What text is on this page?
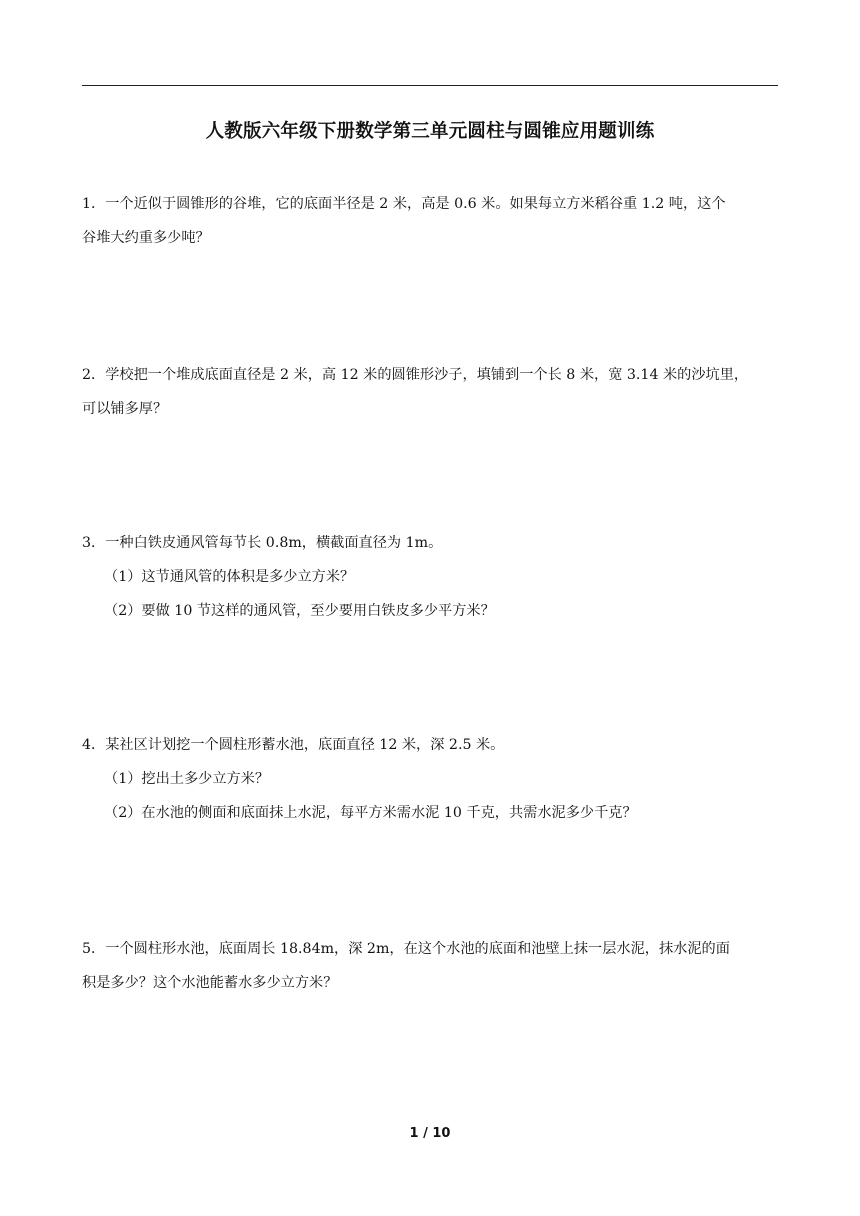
人教版六年级下册数学第三单元圆柱与圆锥应用题训练
1．一个近似于圆锥形的谷堆，它的底面半径是 2 米，高是 0.6 米。如果每立方米稻谷重 1.2 吨，这个
谷堆大约重多少吨？
2．学校把一个堆成底面直径是 2 米，高 12 米的圆锥形沙子，填铺到一个长 8 米，宽 3.14 米的沙坑里，
可以铺多厚？
3．一种白铁皮通风管每节长 0.8m，横截面直径为 1m。
（1）这节通风管的体积是多少立方米？
（2）要做 10 节这样的通风管，至少要用白铁皮多少平方米？
4．某社区计划挖一个圆柱形蓄水池，底面直径 12 米，深 2.5 米。
（1）挖出土多少立方米？
（2）在水池的侧面和底面抹上水泥，每平方米需水泥 10 千克，共需水泥多少千克？
5．一个圆柱形水池，底面周长 18.84m，深 2m，在这个水池的底面和池壁上抹一层水泥，抹水泥的面
积是多少？这个水池能蓄水多少立方米？
1 / 10
